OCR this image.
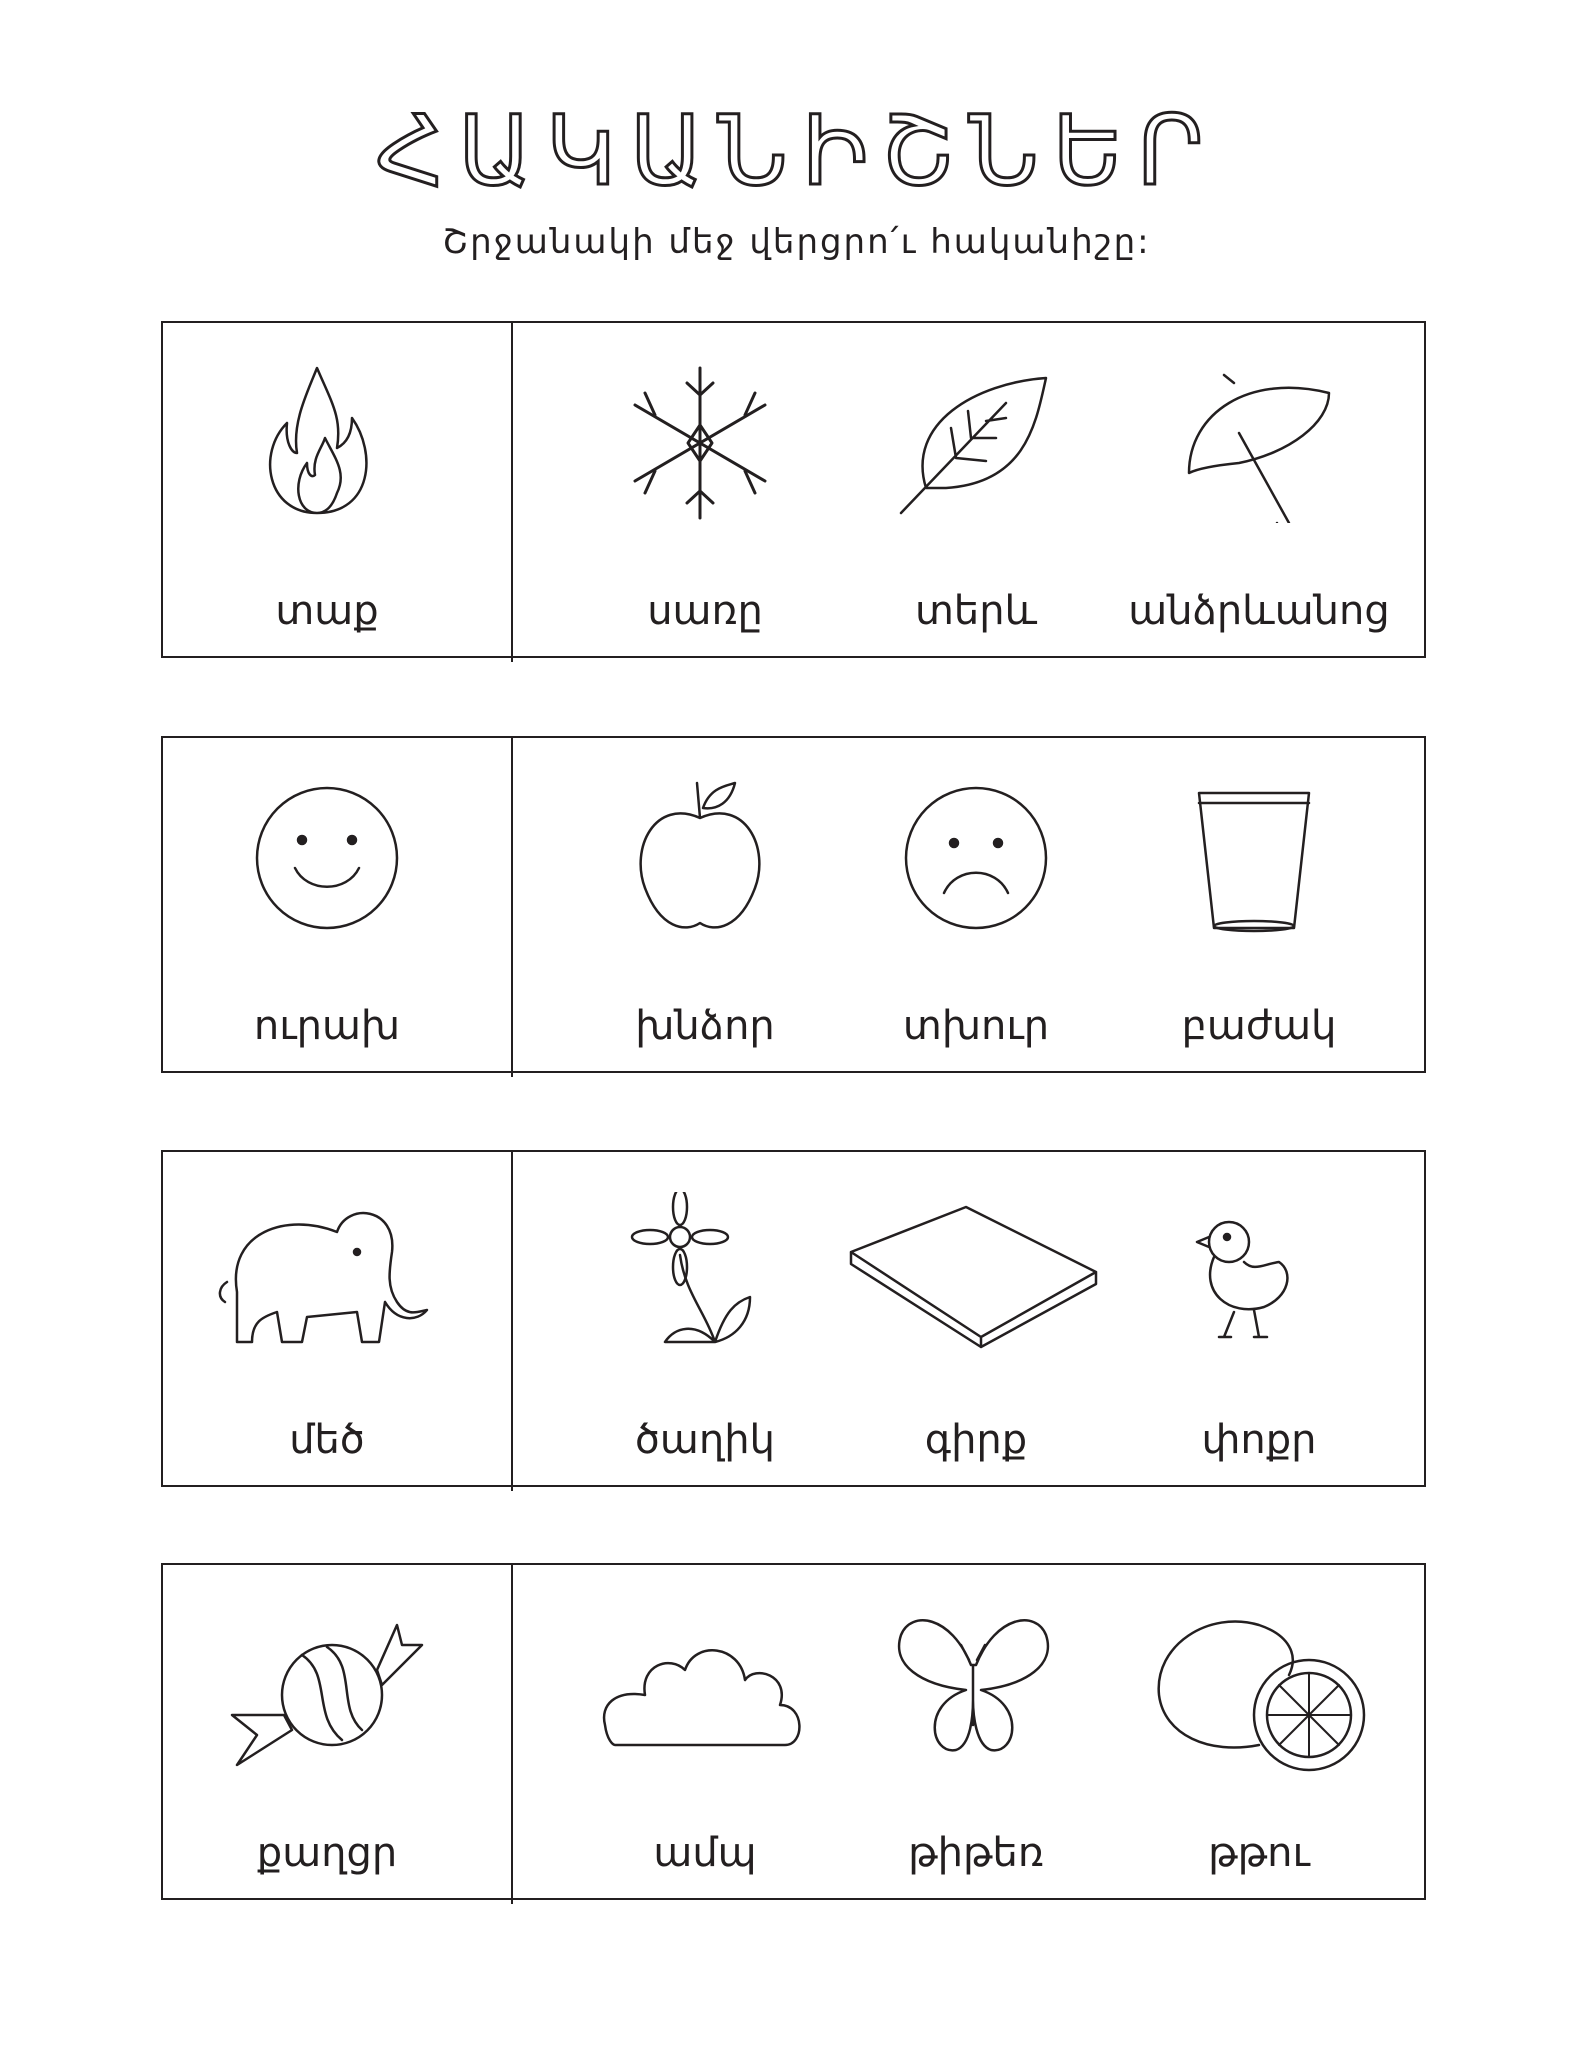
ՀԱԿԱՆԻՇՆԵՐ
Շրջանակի մեջ վերցրո՛ւ հականիշը:
տաք	սառը	տերև	անձրևանոց
ուրախ	խնձոր	տխուր	բաժակ
մեծ	ծաղիկ	գիրք	փոքր
քաղցր	ամպ	թիթեռ	թթու
